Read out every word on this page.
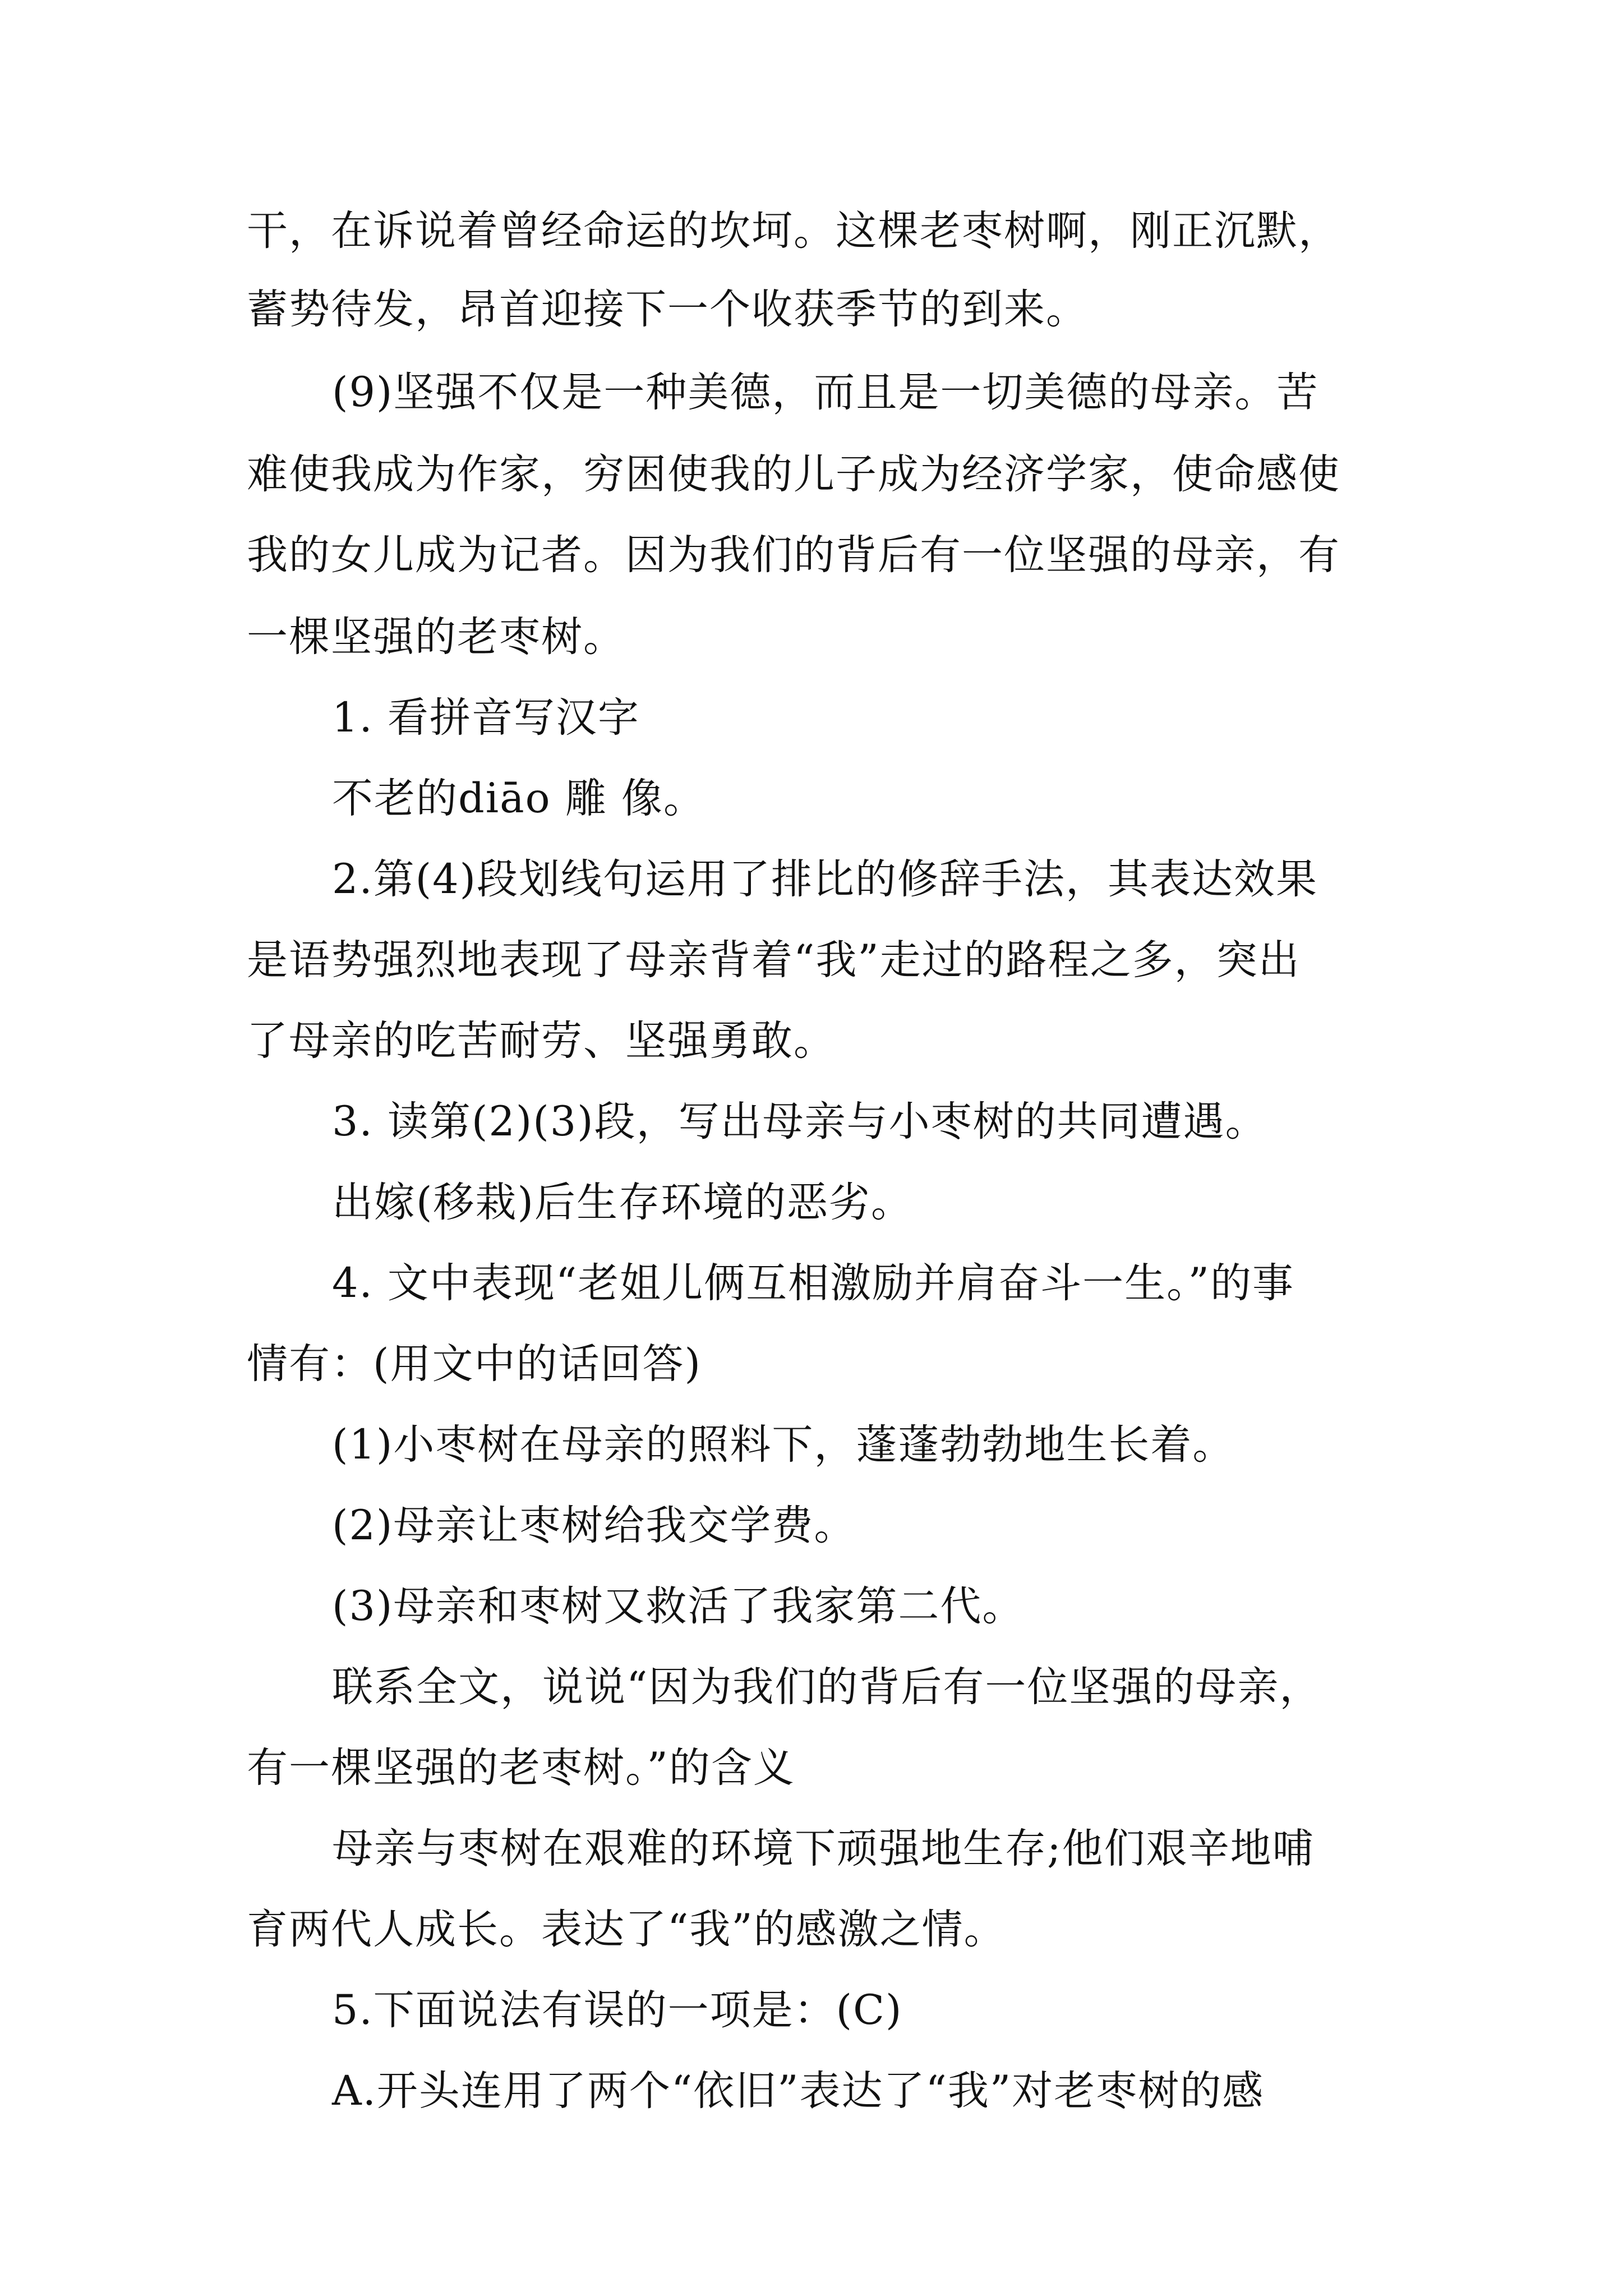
干，在诉说着曾经命运的坎坷。这棵老枣树啊，刚正沉默，
蓄势待发，昂首迎接下一个收获季节的到来。
(9)坚强不仅是一种美德，而且是一切美德的母亲。苦
难使我成为作家，穷困使我的儿子成为经济学家，使命感使
我的女儿成为记者。因为我们的背后有一位坚强的母亲，有
一棵坚强的老枣树。
1. 看拼音写汉字
不老的diāo 雕 像。
2.第(4)段划线句运用了排比的修辞手法，其表达效果
是语势强烈地表现了母亲背着“我”走过的路程之多，突出
了母亲的吃苦耐劳、坚强勇敢。
3. 读第(2)(3)段，写出母亲与小枣树的共同遭遇。
出嫁(移栽)后生存环境的恶劣。
4. 文中表现“老姐儿俩互相激励并肩奋斗一生。”的事
情有：(用文中的话回答)
(1)小枣树在母亲的照料下，蓬蓬勃勃地生长着。
(2)母亲让枣树给我交学费。
(3)母亲和枣树又救活了我家第二代。
联系全文，说说“因为我们的背后有一位坚强的母亲，
有一棵坚强的老枣树。”的含义
母亲与枣树在艰难的环境下顽强地生存;他们艰辛地哺
育两代人成长。表达了“我”的感激之情。
5.下面说法有误的一项是：(C)
A.开头连用了两个“依旧”表达了“我”对老枣树的感
